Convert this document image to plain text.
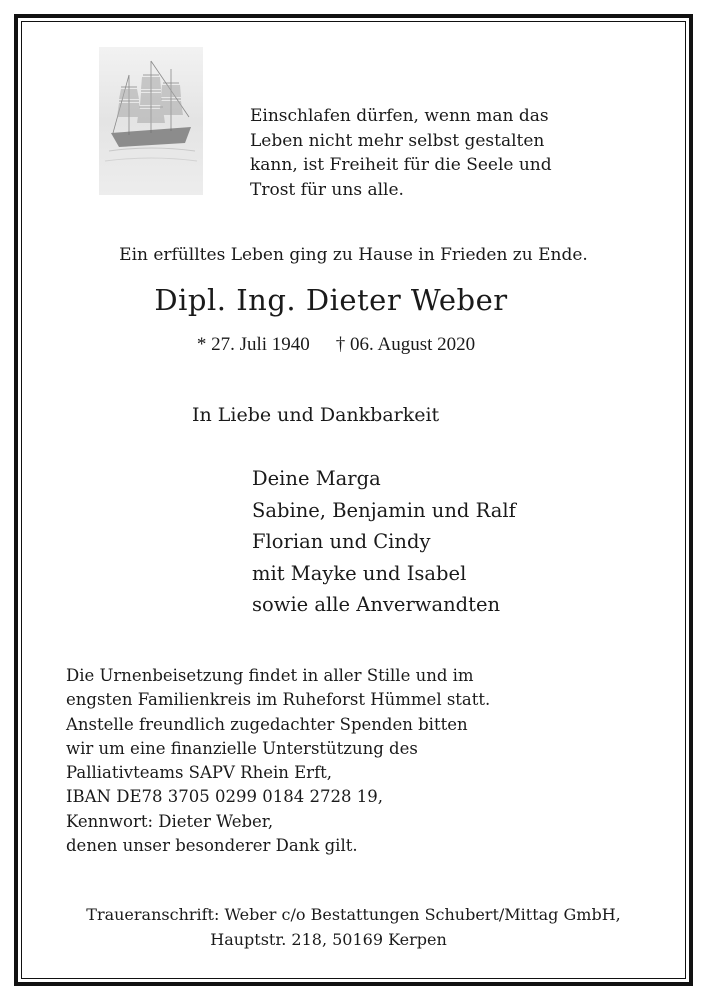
Einschlafen dürfen, wenn man das
Leben nicht mehr selbst gestalten
kann, ist Freiheit für die Seele und
Trost für uns alle.
Ein erfülltes Leben ging zu Hause in Frieden zu Ende.
Dipl. Ing. Dieter Weber
* 27. Juli 1940 † 06. August 2020
In Liebe und Dankbarkeit
Deine Marga
Sabine, Benjamin und Ralf
Florian und Cindy
mit Mayke und Isabel
sowie alle Anverwandten
Die Urnenbeisetzung findet in aller Stille und im
engsten Familienkreis im Ruheforst Hümmel statt.
Anstelle freundlich zugedachter Spenden bitten
wir um eine finanzielle Unterstützung des
Palliativteams SAPV Rhein Erft,
IBAN DE78 3705 0299 0184 2728 19,
Kennwort: Dieter Weber,
denen unser besonderer Dank gilt.
Traueranschrift: Weber c/o Bestattungen Schubert/Mittag GmbH,
Hauptstr. 218, 50169 Kerpen
